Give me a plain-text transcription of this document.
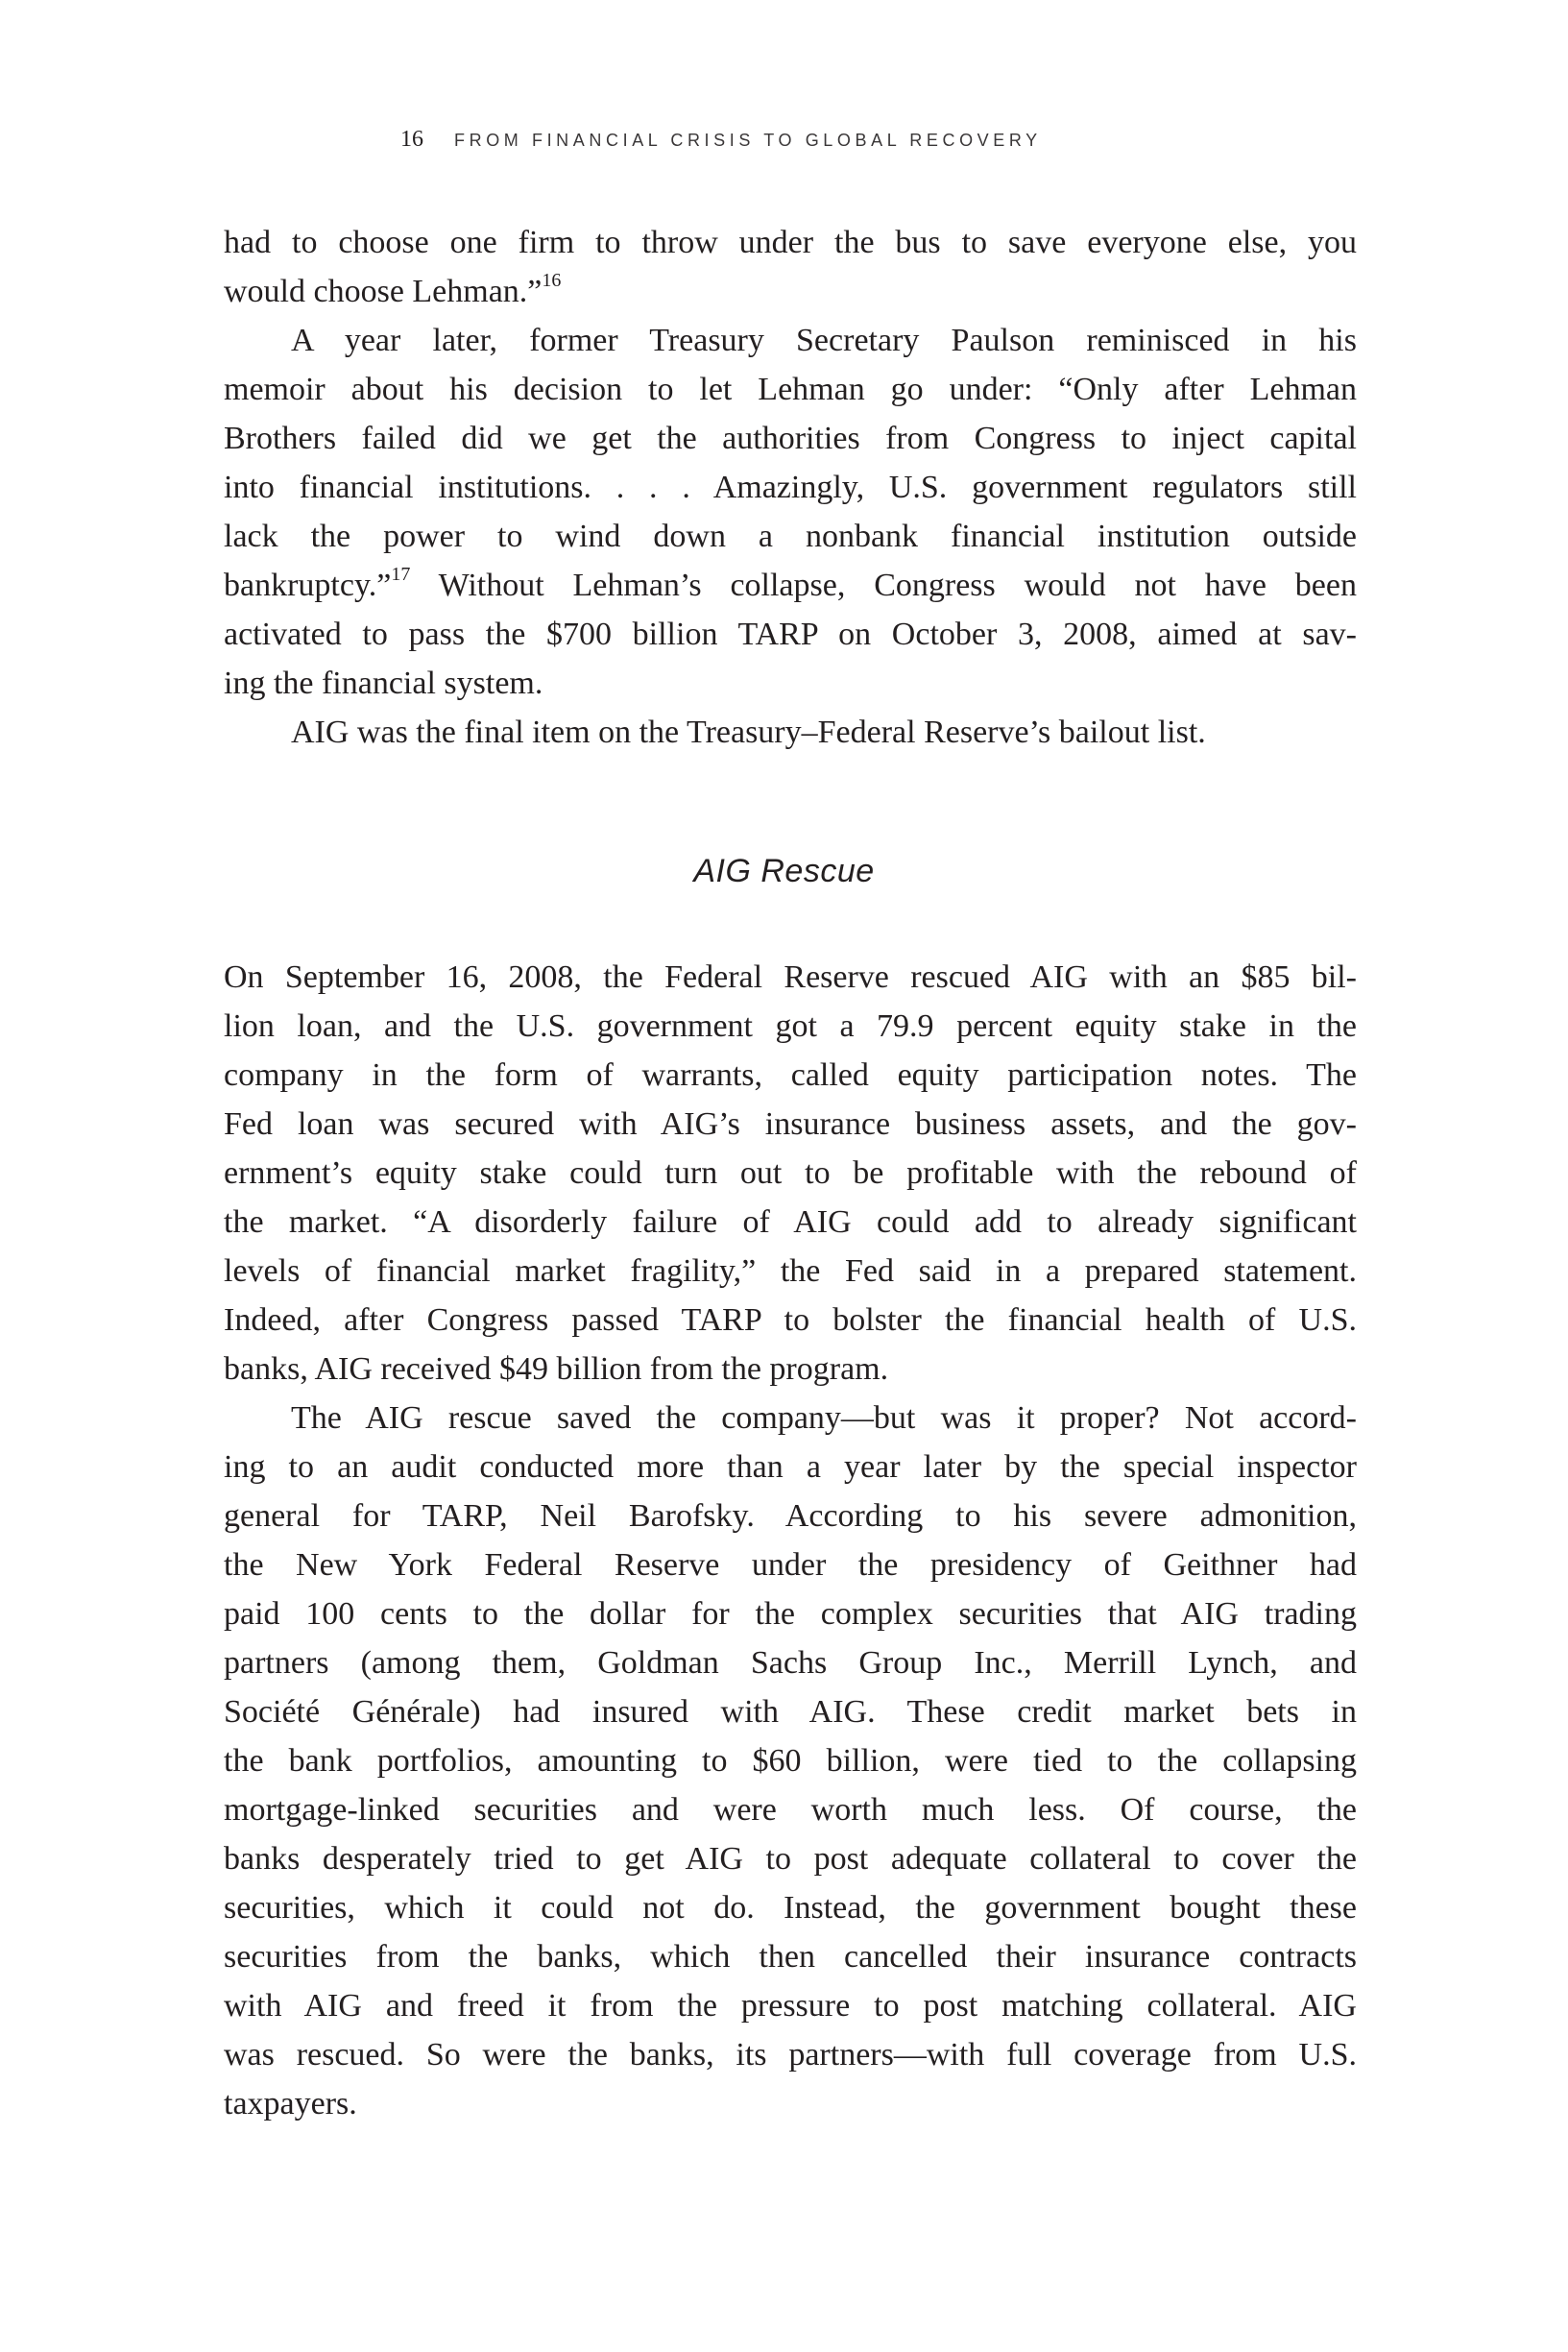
16 FROM FINANCIAL CRISIS TO GLOBAL RECOVERY
had to choose one firm to throw under the bus to save everyone else, you
would choose Lehman.”$^{16}$
A year later, former Treasury Secretary Paulson reminisced in his
memoir about his decision to let Lehman go under: “Only after Lehman
Brothers failed did we get the authorities from Congress to inject capital
into financial institutions. . . . Amazingly, U.S. government regulators still
lack the power to wind down a nonbank financial institution outside
bankruptcy.”$^{17}$ Without Lehman’s collapse, Congress would not have been
activated to pass the $700 billion TARP on October 3, 2008, aimed at sav-
ing the financial system.
AIG was the final item on the Treasury–Federal Reserve’s bailout list.
AIG Rescue
On September 16, 2008, the Federal Reserve rescued AIG with an $85 bil-
lion loan, and the U.S. government got a 79.9 percent equity stake in the
company in the form of warrants, called equity participation notes. The
Fed loan was secured with AIG’s insurance business assets, and the gov-
ernment’s equity stake could turn out to be profitable with the rebound of
the market. “A disorderly failure of AIG could add to already significant
levels of financial market fragility,” the Fed said in a prepared statement.
Indeed, after Congress passed TARP to bolster the financial health of U.S.
banks, AIG received $49 billion from the program.
The AIG rescue saved the company—but was it proper? Not accord-
ing to an audit conducted more than a year later by the special inspector
general for TARP, Neil Barofsky. According to his severe admonition,
the New York Federal Reserve under the presidency of Geithner had
paid 100 cents to the dollar for the complex securities that AIG trading
partners (among them, Goldman Sachs Group Inc., Merrill Lynch, and
Société Générale) had insured with AIG. These credit market bets in
the bank portfolios, amounting to $60 billion, were tied to the collapsing
mortgage-linked securities and were worth much less. Of course, the
banks desperately tried to get AIG to post adequate collateral to cover the
securities, which it could not do. Instead, the government bought these
securities from the banks, which then cancelled their insurance contracts
with AIG and freed it from the pressure to post matching collateral. AIG
was rescued. So were the banks, its partners—with full coverage from U.S.
taxpayers.
